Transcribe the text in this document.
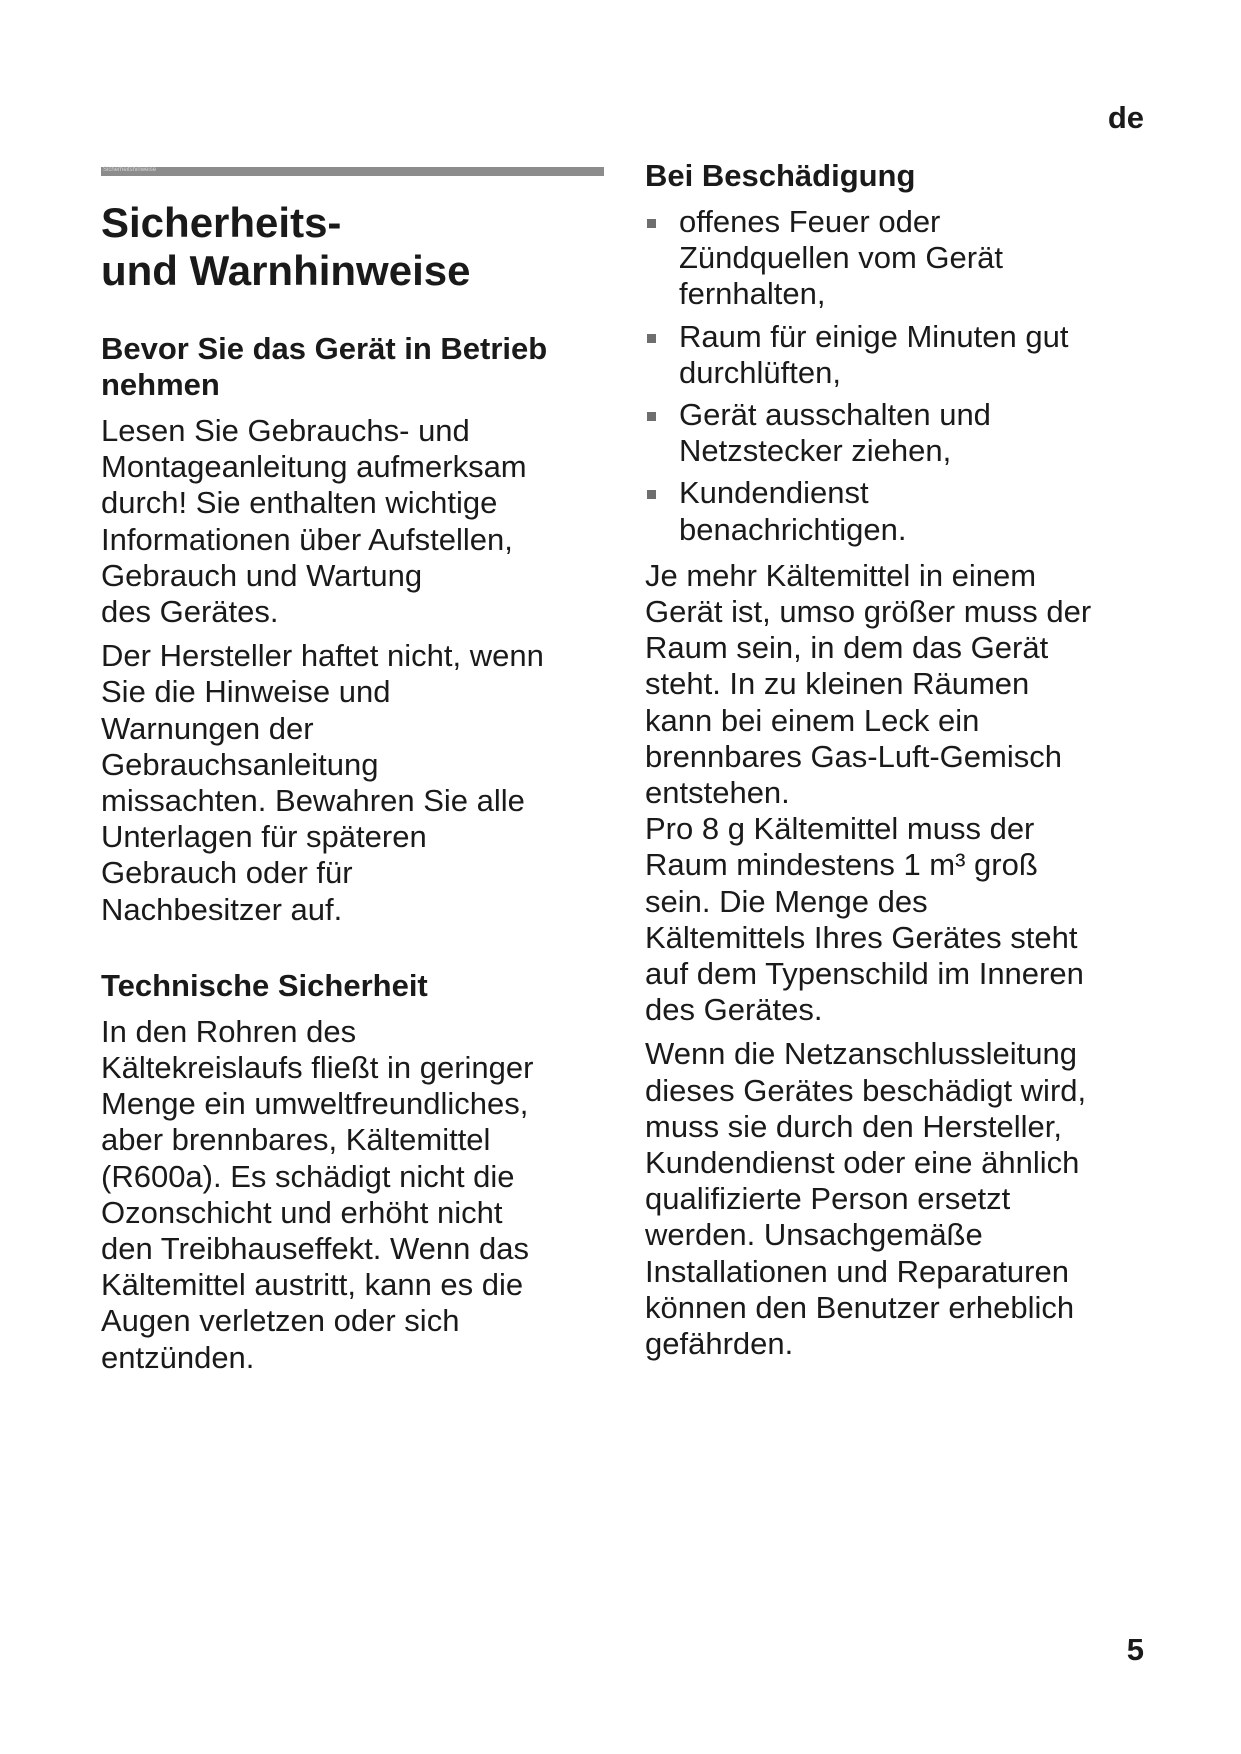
de
Sicherheitshinweise
Sicherheits-
und Warnhinweise
Bevor Sie das Gerät in Betrieb
nehmen

Lesen Sie Gebrauchs- und
Montageanleitung aufmerksam
durch! Sie enthalten wichtige
Informationen über Aufstellen,
Gebrauch und Wartung
des Gerätes.

Der Hersteller haftet nicht, wenn
Sie die Hinweise und
Warnungen der
Gebrauchsanleitung
missachten. Bewahren Sie alle
Unterlagen für späteren
Gebrauch oder für
Nachbesitzer auf.

Technische Sicherheit

In den Rohren des
Kältekreislaufs fließt in geringer
Menge ein umweltfreundliches,
aber brennbares, Kältemittel
(R600a). Es schädigt nicht die
Ozonschicht und erhöht nicht
den Treibhauseffekt. Wenn das
Kältemittel austritt, kann es die
Augen verletzen oder sich
entzünden.

Bei Beschädigung
offenes Feuer oder
Zündquellen vom Gerät
fernhalten,
Raum für einige Minuten gut
durchlüften,
Gerät ausschalten und
Netzstecker ziehen,
Kundendienst
benachrichtigen.

Je mehr Kältemittel in einem
Gerät ist, umso größer muss der
Raum sein, in dem das Gerät
steht. In zu kleinen Räumen
kann bei einem Leck ein
brennbares Gas-Luft-Gemisch
entstehen.

Pro 8 g Kältemittel muss der
Raum mindestens 1 m³ groß
sein. Die Menge des
Kältemittels Ihres Gerätes steht
auf dem Typenschild im Inneren
des Gerätes.

Wenn die Netzanschlussleitung
dieses Gerätes beschädigt wird,
muss sie durch den Hersteller,
Kundendienst oder eine ähnlich
qualifizierte Person ersetzt
werden. Unsachgemäße
Installationen und Reparaturen
können den Benutzer erheblich
gefährden.

5
